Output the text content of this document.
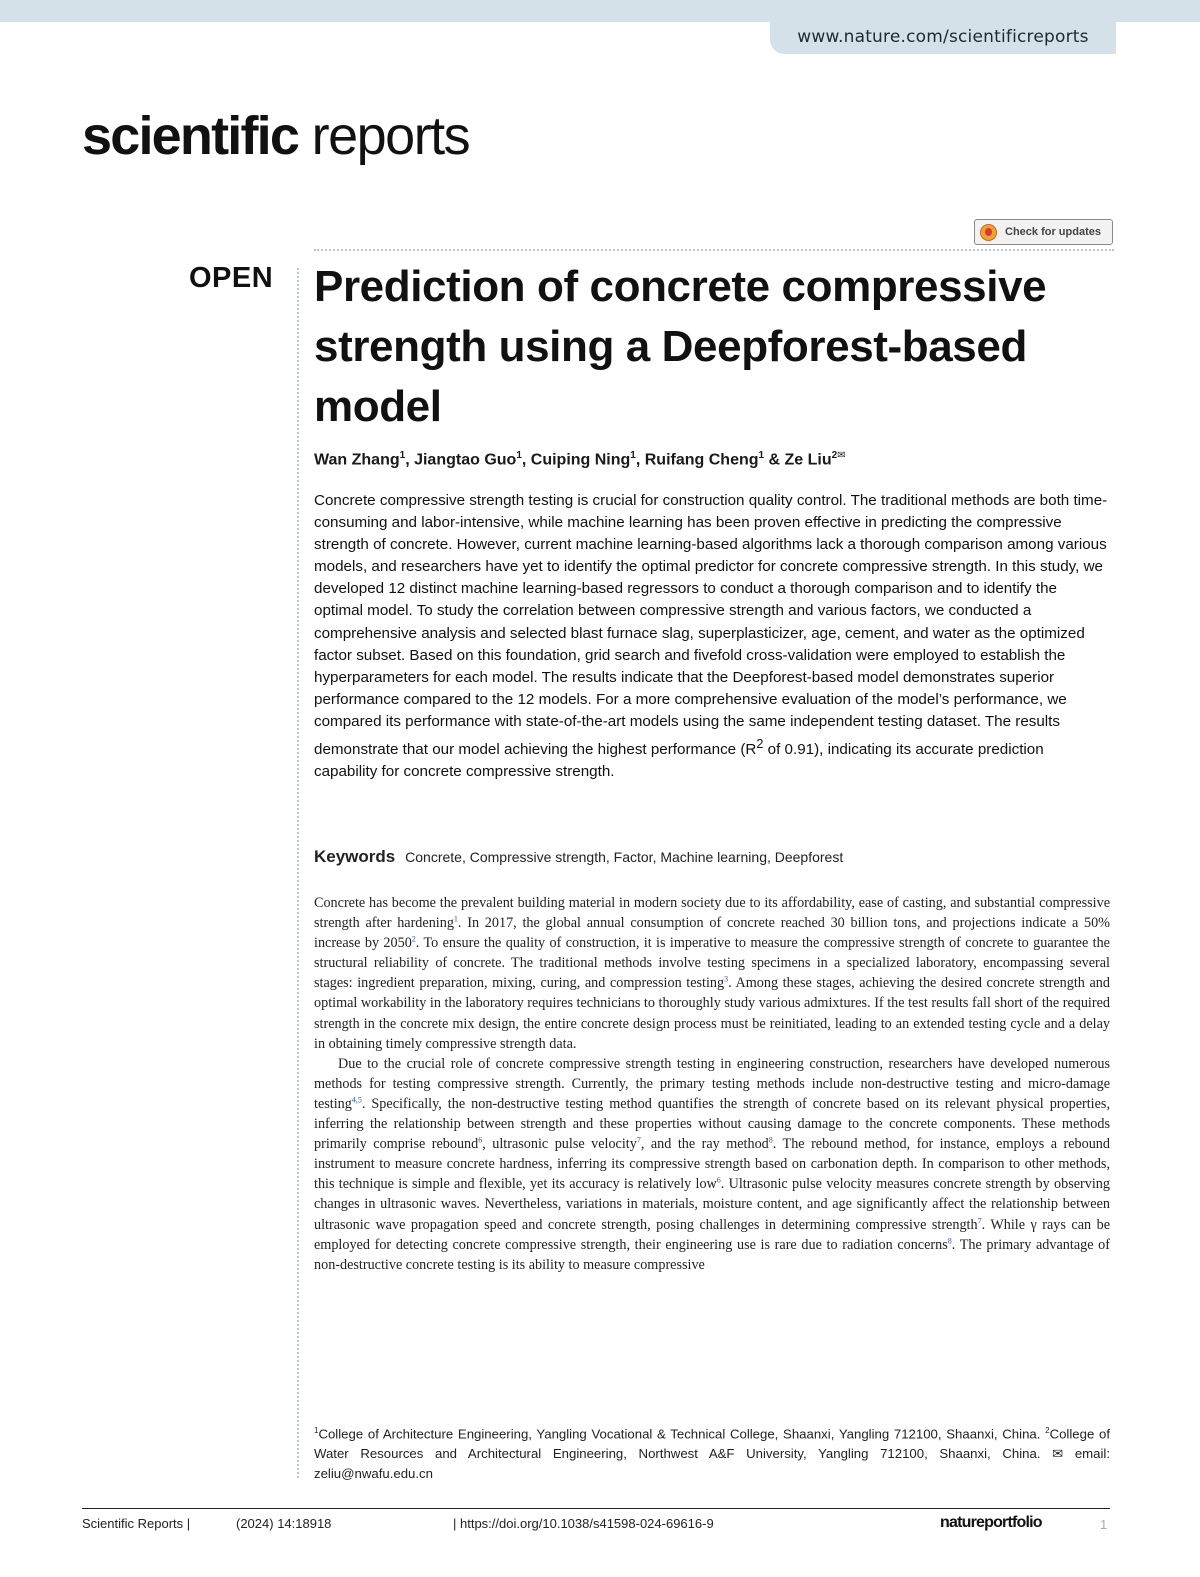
www.nature.com/scientificreports
scientific reports
Check for updates
OPEN Prediction of concrete compressive strength using a Deepforest-based model
Wan Zhang$^1$, Jiangtao Guo$^1$, Cuiping Ning$^1$, Ruifang Cheng$^1$ & Ze Liu$^{2✉}$

Concrete compressive strength testing is crucial for construction quality control. The traditional methods are both time-consuming and labor-intensive, while machine learning has been proven effective in predicting the compressive strength of concrete. However, current machine learning-based algorithms lack a thorough comparison among various models, and researchers have yet to identify the optimal predictor for concrete compressive strength. In this study, we developed 12 distinct machine learning-based regressors to conduct a thorough comparison and to identify the optimal model. To study the correlation between compressive strength and various factors, we conducted a comprehensive analysis and selected blast furnace slag, superplasticizer, age, cement, and water as the optimized factor subset. Based on this foundation, grid search and fivefold cross-validation were employed to establish the hyperparameters for each model. The results indicate that the Deepforest-based model demonstrates superior performance compared to the 12 models. For a more comprehensive evaluation of the model’s performance, we compared its performance with state-of-the-art models using the same independent testing dataset. The results demonstrate that our model achieving the highest performance ($R^2$ of 0.91), indicating its accurate prediction capability for concrete compressive strength.

Keywords Concrete, Compressive strength, Factor, Machine learning, Deepforest

Concrete has become the prevalent building material in modern society due to its affordability, ease of casting, and substantial compressive strength after hardening$^1$. In 2017, the global annual consumption of concrete reached 30 billion tons, and projections indicate a 50% increase by 2050$^2$. To ensure the quality of construction, it is imperative to measure the compressive strength of concrete to guarantee the structural reliability of concrete. The traditional methods involve testing specimens in a specialized laboratory, encompassing several stages: ingredient preparation, mixing, curing, and compression testing$^3$. Among these stages, achieving the desired concrete strength and optimal workability in the laboratory requires technicians to thoroughly study various admixtures. If the test results fall short of the required strength in the concrete mix design, the entire concrete design process must be reinitiated, leading to an extended testing cycle and a delay in obtaining timely compressive strength data.

Due to the crucial role of concrete compressive strength testing in engineering construction, researchers have developed numerous methods for testing compressive strength. Currently, the primary testing methods include non-destructive testing and micro-damage testing$^{4,5}$. Specifically, the non-destructive testing method quantifies the strength of concrete based on its relevant physical properties, inferring the relationship between strength and these properties without causing damage to the concrete components. These methods primarily comprise rebound$^6$, ultrasonic pulse velocity$^7$, and the ray method$^8$. The rebound method, for instance, employs a rebound instrument to measure concrete hardness, inferring its compressive strength based on carbonation depth. In comparison to other methods, this technique is simple and flexible, yet its accuracy is relatively low$^6$. Ultrasonic pulse velocity measures concrete strength by observing changes in ultrasonic waves. Nevertheless, variations in materials, moisture content, and age significantly affect the relationship between ultrasonic wave propagation speed and concrete strength, posing challenges in determining compressive strength$^7$. While γ rays can be employed for detecting concrete compressive strength, their engineering use is rare due to radiation concerns$^8$. The primary advantage of non-destructive concrete testing is its ability to measure compressive

$^1$College of Architecture Engineering, Yangling Vocational & Technical College, Shaanxi, Yangling 712100, Shaanxi, China. $^2$College of Water Resources and Architectural Engineering, Northwest A&F University, Yangling 712100, Shaanxi, China. ✉ email: zeliu@nwafu.edu.cn

Scientific Reports |	(2024) 14:18918	| https://doi.org/10.1038/s41598-024-69616-9	natureportfolio	1
